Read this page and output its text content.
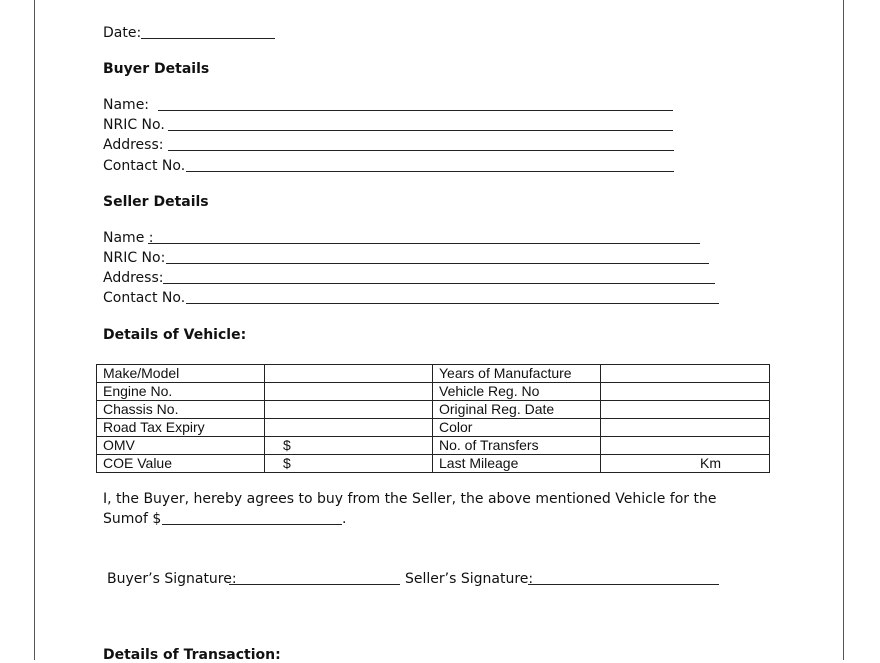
Date:
Buyer Details
Name:
NRIC No.
Address:
Contact No.
Seller Details
Name :
NRIC No:
Address:
Contact No.
Details of Vehicle:
Make/Model		Years of Manufacture	
Engine No.		Vehicle Reg. No	
Chassis No.		Original Reg. Date	
Road Tax Expiry		Color	
OMV	$	No. of Transfers	
COE Value	$	Last Mileage	Km
I, the Buyer, hereby agrees to buy from the Seller, the above mentioned Vehicle for the
Sumof $	.
Buyer’s Signature:	Seller’s Signature:
Details of Transaction:
